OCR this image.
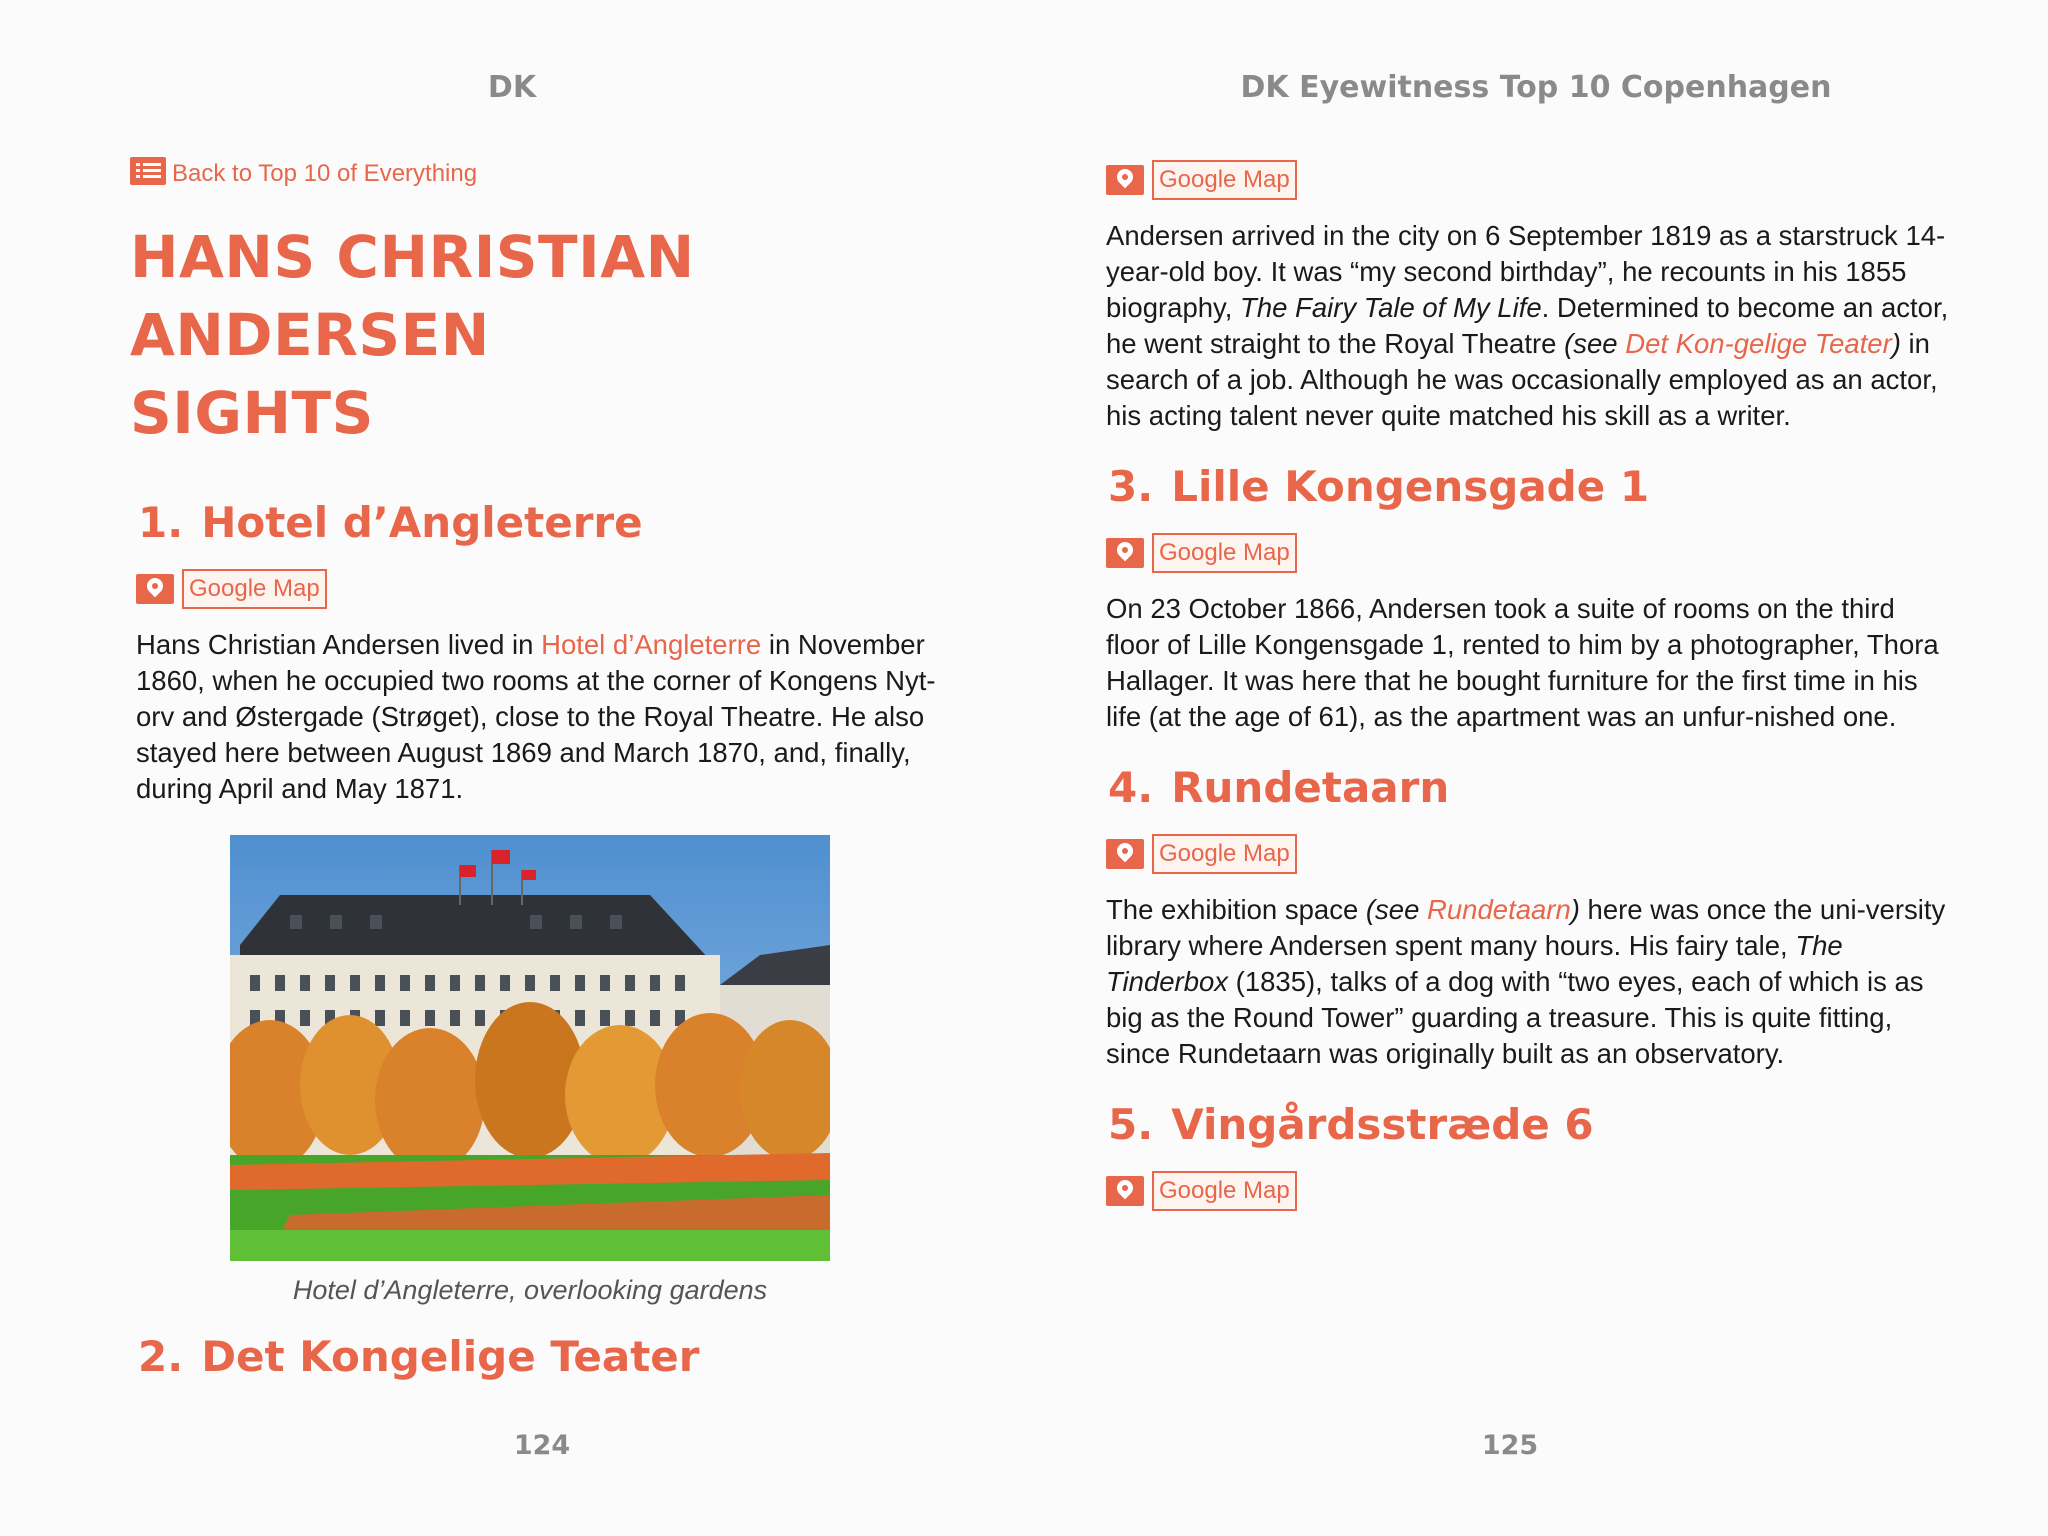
DK
Back to Top 10 of Everything
HANS CHRISTIAN ANDERSEN
SIGHTS
1. Hotel d’Angleterre
Google Map

Hans Christian Andersen lived in Hotel d’Angleterre in November 1860, when he occupied two rooms at the corner of Kongens Nyt-orv and Østergade (Strøget), close to the Royal Theatre. He also stayed here between August 1869 and March 1870, and, finally, during April and May 1871.

Hotel d’Angleterre, overlooking gardens
2. Det Kongelige Teater
124
DK Eyewitness Top 10 Copenhagen
Google Map

Andersen arrived in the city on 6 September 1819 as a starstruck 14-year-old boy. It was “my second birthday”, he recounts in his 1855 biography, The Fairy Tale of My Life. Determined to become an actor, he went straight to the Royal Theatre (see Det Kon-gelige Teater) in search of a job. Although he was occasionally employed as an actor, his acting talent never quite matched his skill as a writer.

3. Lille Kongensgade 1
Google Map

On 23 October 1866, Andersen took a suite of rooms on the third floor of Lille Kongensgade 1, rented to him by a photographer, Thora Hallager. It was here that he bought furniture for the first time in his life (at the age of 61), as the apartment was an unfur-nished one.

4. Rundetaarn
Google Map

The exhibition space (see Rundetaarn) here was once the uni-versity library where Andersen spent many hours. His fairy tale, The Tinderbox (1835), talks of a dog with “two eyes, each of which is as big as the Round Tower” guarding a treasure. This is quite fitting, since Rundetaarn was originally built as an observatory.

5. Vingårdsstræde 6
Google Map
125
